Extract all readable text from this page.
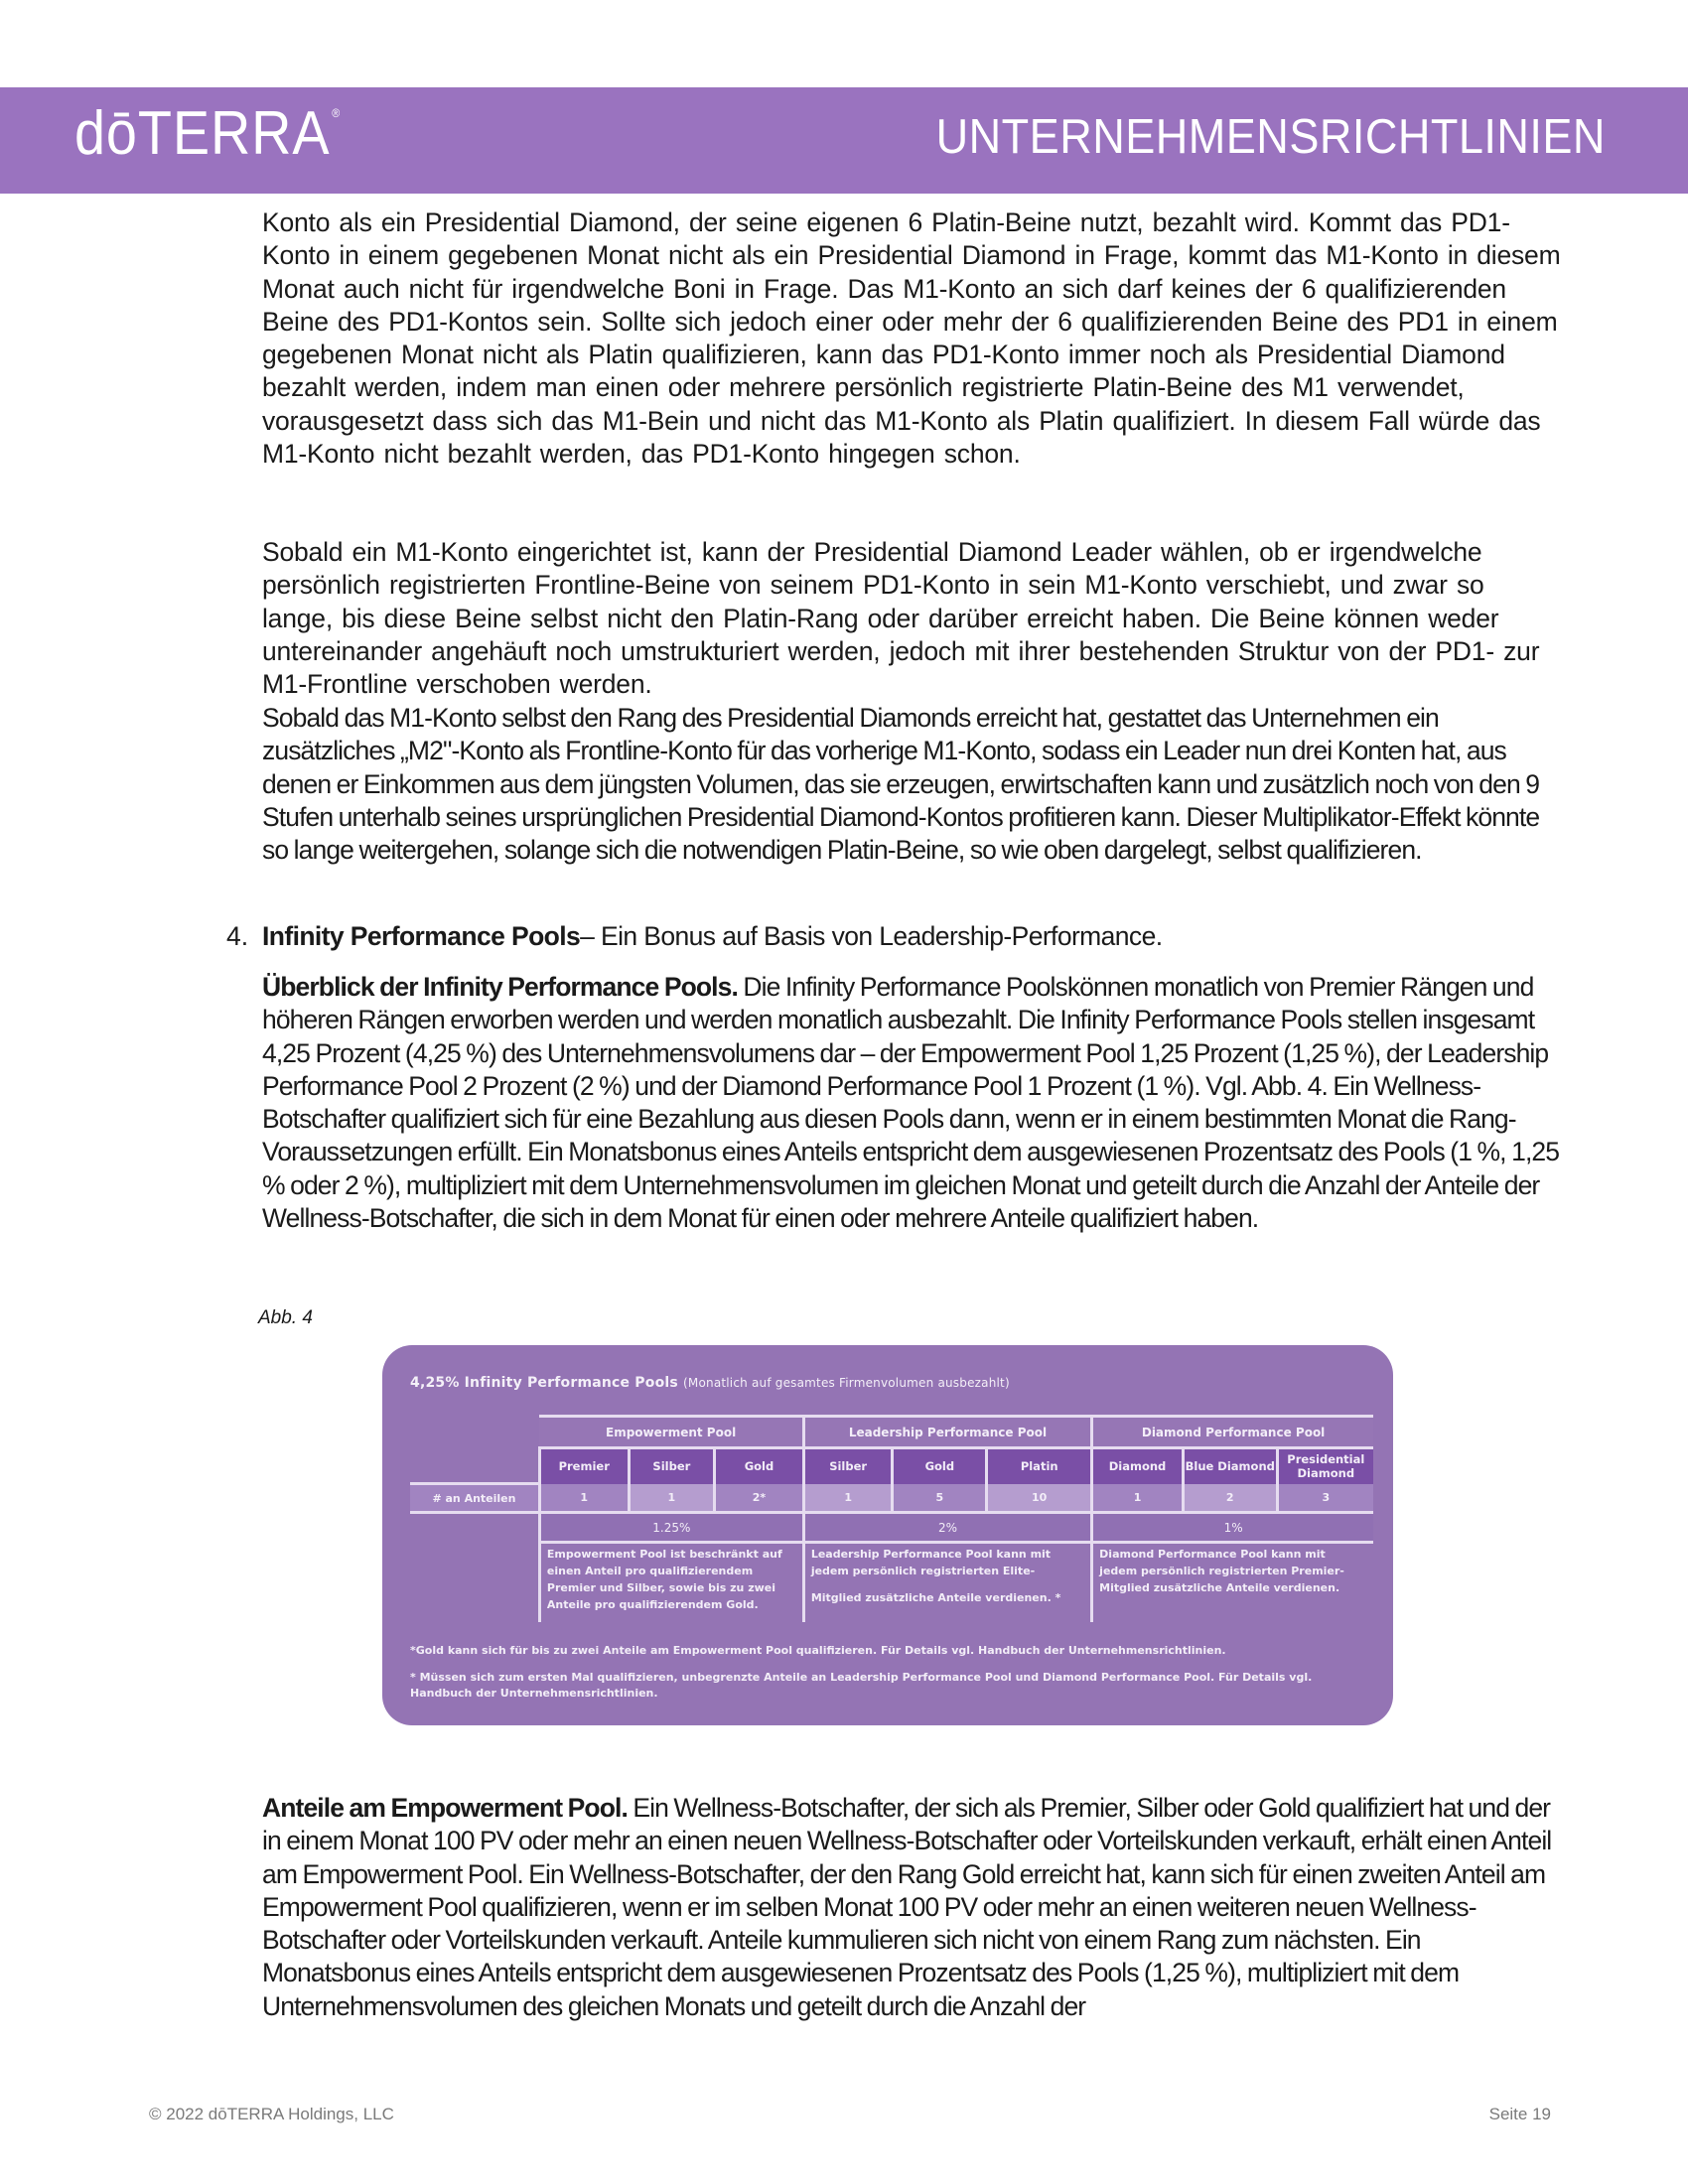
dōTERRA ®	UNTERNEHMENSRICHTLINIEN

Konto als ein Presidential Diamond, der seine eigenen 6 Platin-Beine nutzt, bezahlt wird. Kommt das PD1-Konto in einem gegebenen Monat nicht als ein Presidential Diamond in Frage, kommt das M1-Konto in diesem Monat auch nicht für irgendwelche Boni in Frage. Das M1-Konto an sich darf keines der 6 qualifizierenden Beine des PD1-Kontos sein. Sollte sich jedoch einer oder mehr der 6 qualifizierenden Beine des PD1 in einem gegebenen Monat nicht als Platin qualifizieren, kann das PD1-Konto immer noch als Presidential Diamond bezahlt werden, indem man einen oder mehrere persönlich registrierte Platin-Beine des M1 verwendet, vorausgesetzt dass sich das M1-Bein und nicht das M1-Konto als Platin qualifiziert. In diesem Fall würde das M1-Konto nicht bezahlt werden, das PD1-Konto hingegen schon.

Sobald ein M1-Konto eingerichtet ist, kann der Presidential Diamond Leader wählen, ob er irgendwelche persönlich registrierten Frontline-Beine von seinem PD1-Konto in sein M1-Konto verschiebt, und zwar so lange, bis diese Beine selbst nicht den Platin-Rang oder darüber erreicht haben. Die Beine können weder untereinander angehäuft noch umstrukturiert werden, jedoch mit ihrer bestehenden Struktur von der PD1- zur M1-Frontline verschoben werden.

Sobald das M1-Konto selbst den Rang des Presidential Diamonds erreicht hat, gestattet das Unternehmen ein zusätzliches „M2"-Konto als Frontline-Konto für das vorherige M1-Konto, sodass ein Leader nun drei Konten hat, aus denen er Einkommen aus dem jüngsten Volumen, das sie erzeugen, erwirtschaften kann und zusätzlich noch von den 9 Stufen unterhalb seines ursprünglichen Presidential Diamond-Kontos profitieren kann. Dieser Multiplikator-Effekt könnte so lange weitergehen, solange sich die notwendigen Platin-Beine, so wie oben dargelegt, selbst qualifizieren.

4. Infinity Performance Pools– Ein Bonus auf Basis von Leadership-Performance.

Überblick der Infinity Performance Pools. Die Infinity Performance Poolskönnen monatlich von Premier Rängen und höheren Rängen erworben werden und werden monatlich ausbezahlt. Die Infinity Performance Pools stellen insgesamt 4,25 Prozent (4,25 %) des Unternehmensvolumens dar – der Empowerment Pool 1,25 Prozent (1,25 %), der Leadership Performance Pool 2 Prozent (2 %) und der Diamond Performance Pool 1 Prozent (1 %). Vgl. Abb. 4. Ein Wellness-Botschafter qualifiziert sich für eine Bezahlung aus diesen Pools dann, wenn er in einem bestimmten Monat die Rang-Voraussetzungen erfüllt. Ein Monatsbonus eines Anteils entspricht dem ausgewiesenen Prozentsatz des Pools (1 %, 1,25 % oder 2 %), multipliziert mit dem Unternehmensvolumen im gleichen Monat und geteilt durch die Anzahl der Anteile der Wellness-Botschafter, die sich in dem Monat für einen oder mehrere Anteile qualifiziert haben.

Abb. 4
4,25% Infinity Performance Pools (Monatlich auf gesamtes Firmenvolumen ausbezahlt)
	Empowerment Pool			Leadership Performance Pool			Diamond Performance Pool		
	Premier	Silber	Gold	Silber	Gold	Platin	Diamond	Blue Diamond	Presidential Diamond
# an Anteilen	1	1	2*	1	5	10	1	2	3
	1.25%			2%			1%		
	Empowerment Pool ist beschränkt auf einen Anteil pro qualifizierendem Premier und Silber, sowie bis zu zwei Anteile pro qualifizierendem Gold.			Leadership Performance Pool kann mit jedem persönlich registrierten Elite-
Mitglied zusätzliche Anteile verdienen. *			Diamond Performance Pool kann mit jedem persönlich registrierten Premier-Mitglied zusätzliche Anteile verdienen.		
*Gold kann sich für bis zu zwei Anteile am Empowerment Pool qualifizieren. Für Details vgl. Handbuch der Unternehmensrichtlinien.
* Müssen sich zum ersten Mal qualifizieren, unbegrenzte Anteile an Leadership Performance Pool und Diamond Performance Pool. Für Details vgl. Handbuch der Unternehmensrichtlinien.

Anteile am Empowerment Pool. Ein Wellness-Botschafter, der sich als Premier, Silber oder Gold qualifiziert hat und der in einem Monat 100 PV oder mehr an einen neuen Wellness-Botschafter oder Vorteilskunden verkauft, erhält einen Anteil am Empowerment Pool. Ein Wellness-Botschafter, der den Rang Gold erreicht hat, kann sich für einen zweiten Anteil am Empowerment Pool qualifizieren, wenn er im selben Monat 100 PV oder mehr an einen weiteren neuen Wellness-Botschafter oder Vorteilskunden verkauft. Anteile kummulieren sich nicht von einem Rang zum nächsten. Ein Monatsbonus eines Anteils entspricht dem ausgewiesenen Prozentsatz des Pools (1,25 %), multipliziert mit dem Unternehmensvolumen des gleichen Monats und geteilt durch die Anzahl der

© 2022 dōTERRA Holdings, LLC	Seite 19
